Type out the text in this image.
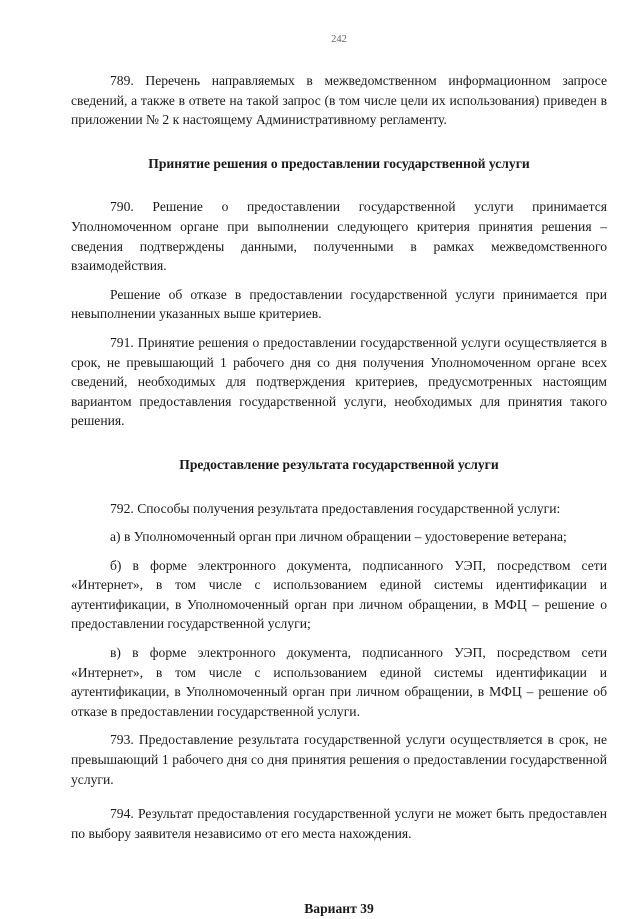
242

789. Перечень направляемых в межведомственном информационном запросе сведений, а также в ответе на такой запрос (в том числе цели их использования) приведен в приложении № 2 к настоящему Административному регламенту.

Принятие решения о предоставлении государственной услуги

790. Решение о предоставлении государственной услуги принимается Уполномоченном органе при выполнении следующего критерия принятия решения – сведения подтверждены данными, полученными в рамках межведомственного взаимодействия.

Решение об отказе в предоставлении государственной услуги принимается при невыполнении указанных выше критериев.

791. Принятие решения о предоставлении государственной услуги осуществляется в срок, не превышающий 1 рабочего дня со дня получения Уполномоченном органе всех сведений, необходимых для подтверждения критериев, предусмотренных настоящим вариантом предоставления государственной услуги, необходимых для принятия такого решения.

Предоставление результата государственной услуги

792. Способы получения результата предоставления государственной услуги:

а) в Уполномоченный орган при личном обращении – удостоверение ветерана;

б) в форме электронного документа, подписанного УЭП, посредством сети «Интернет», в том числе с использованием единой системы идентификации и аутентификации, в Уполномоченный орган при личном обращении, в МФЦ – решение о предоставлении государственной услуги;

в) в форме электронного документа, подписанного УЭП, посредством сети «Интернет», в том числе с использованием единой системы идентификации и аутентификации, в Уполномоченный орган при личном обращении, в МФЦ – решение об отказе в предоставлении государственной услуги.

793. Предоставление результата государственной услуги осуществляется в срок, не превышающий 1 рабочего дня со дня принятия решения о предоставлении государственной услуги.

794. Результат предоставления государственной услуги не может быть предоставлен по выбору заявителя независимо от его места нахождения.

Вариант 39
